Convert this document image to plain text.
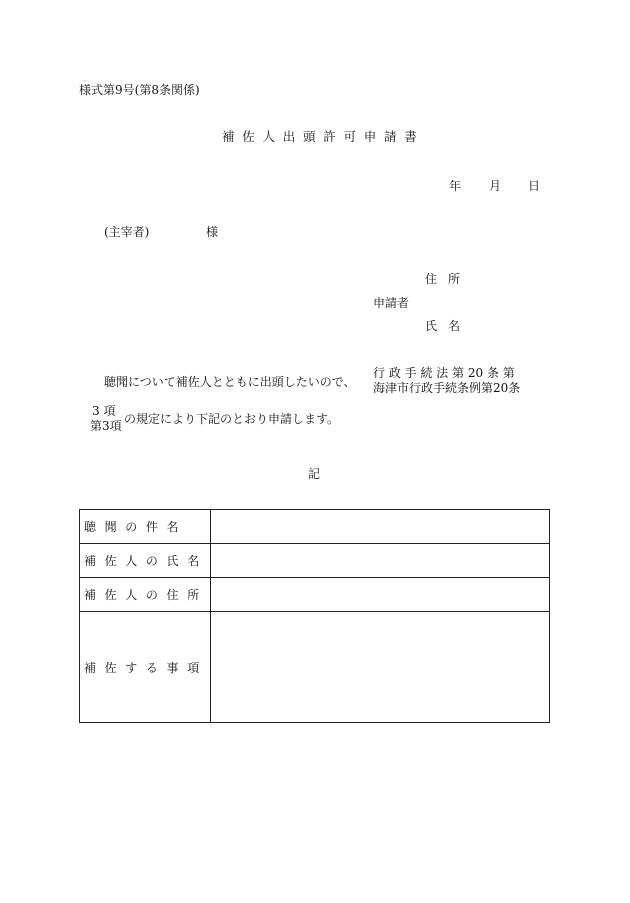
様式第9号(第8条関係)
補佐人出頭許可申請書
年 月 日
(主宰者)	様
住 所
申請者
氏 名
聴聞について補佐人とともに出頭したいので、
行 政 手 続 法 第 20 条 第
海津市行政手続条例第20条
3 項
第3項 の規定により下記のとおり申請します。
記
聴聞の件名	
補佐人の氏名	
補佐人の住所	
補佐する事項	
